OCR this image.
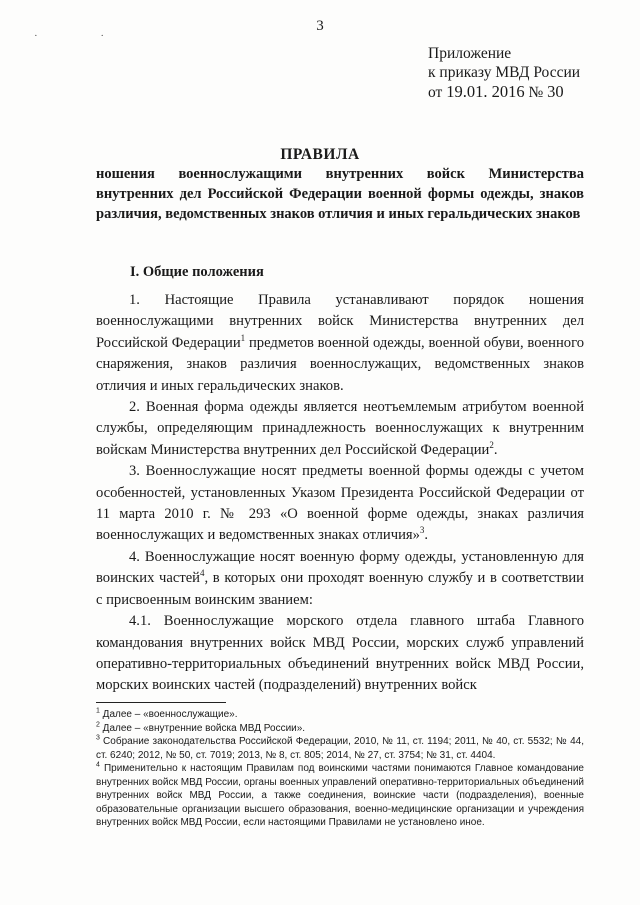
3
· ·
Приложение
к приказу МВД России
от 19.01. 2016 № 30
ПРАВИЛА
ношения военнослужащими внутренних войск Министерства внутренних дел Российской Федерации военной формы одежды, знаков различия, ведомственных знаков отличия и иных геральдических знаков
I. Общие положения

1. Настоящие Правила устанавливают порядок ношения военнослужащими внутренних войск Министерства внутренних дел Российской Федерации$^1$ предметов военной одежды, военной обуви, военного снаряжения, знаков различия военнослужащих, ведомственных знаков отличия и иных геральдических знаков.

2. Военная форма одежды является неотъемлемым атрибутом военной службы, определяющим принадлежность военнослужащих к внутренним войскам Министерства внутренних дел Российской Федерации$^2$.

3. Военнослужащие носят предметы военной формы одежды с учетом особенностей, установленных Указом Президента Российской Федерации от 11 марта 2010 г. № 293 «О военной форме одежды, знаках различия военнослужащих и ведомственных знаках отличия»$^3$.

4. Военнослужащие носят военную форму одежды, установленную для воинских частей$^4$, в которых они проходят военную службу и в соответствии с присвоенным воинским званием:

4.1. Военнослужащие морского отдела главного штаба Главного командования внутренних войск МВД России, морских служб управлений оперативно-территориальных объединений внутренних войск МВД России, морских воинских частей (подразделений) внутренних войск

$^1$ Далее – «военнослужащие».

$^2$ Далее – «внутренние войска МВД России».

$^3$ Собрание законодательства Российской Федерации, 2010, № 11, ст. 1194; 2011, № 40, ст. 5532; № 44, ст. 6240; 2012, № 50, ст. 7019; 2013, № 8, ст. 805; 2014, № 27, ст. 3754; № 31, ст. 4404.

$^4$ Применительно к настоящим Правилам под воинскими частями понимаются Главное командование внутренних войск МВД России, органы военных управлений оперативно-территориальных объединений внутренних войск МВД России, а также соединения, воинские части (подразделения), военные образовательные организации высшего образования, военно-медицинские организации и учреждения внутренних войск МВД России, если настоящими Правилами не установлено иное.
